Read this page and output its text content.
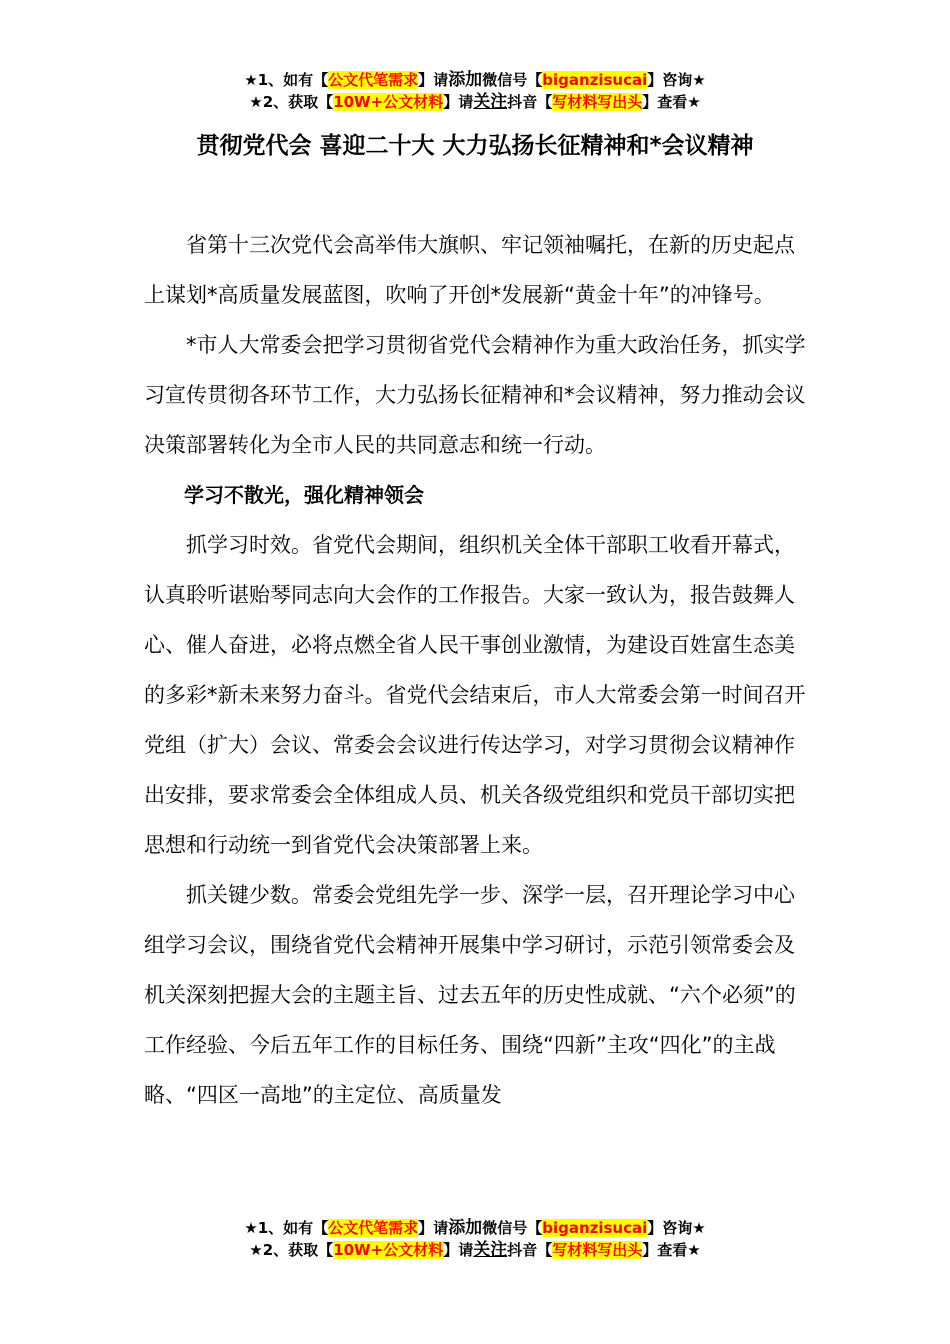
★1、如有【公文代笔需求】请添加微信号【biganzisucai】咨询★
★2、获取【10W+公文材料】请关注抖音【写材料写出头】查看★
贯彻党代会 喜迎二十大 大力弘扬长征精神和*会议精神

省第十三次党代会高举伟大旗帜、牢记领袖嘱托，在新的历史起点上谋划*高质量发展蓝图，吹响了开创*发展新“黄金十年”的冲锋号。

*市人大常委会把学习贯彻省党代会精神作为重大政治任务，抓实学习宣传贯彻各环节工作，大力弘扬长征精神和*会议精神，努力推动会议决策部署转化为全市人民的共同意志和统一行动。

学习不散光，强化精神领会

抓学习时效。省党代会期间，组织机关全体干部职工收看开幕式，认真聆听谌贻琴同志向大会作的工作报告。大家一致认为，报告鼓舞人心、催人奋进，必将点燃全省人民干事创业激情，为建设百姓富生态美的多彩*新未来努力奋斗。省党代会结束后，市人大常委会第一时间召开党组（扩大）会议、常委会会议进行传达学习，对学习贯彻会议精神作出安排，要求常委会全体组成人员、机关各级党组织和党员干部切实把思想和行动统一到省党代会决策部署上来。

抓关键少数。常委会党组先学一步、深学一层，召开理论学习中心组学习会议，围绕省党代会精神开展集中学习研讨，示范引领常委会及机关深刻把握大会的主题主旨、过去五年的历史性成就、“六个必须”的工作经验、今后五年工作的目标任务、围绕“四新”主攻“四化”的主战略、“四区一高地”的主定位、高质量发

★1、如有【公文代笔需求】请添加微信号【biganzisucai】咨询★
★2、获取【10W+公文材料】请关注抖音【写材料写出头】查看★
